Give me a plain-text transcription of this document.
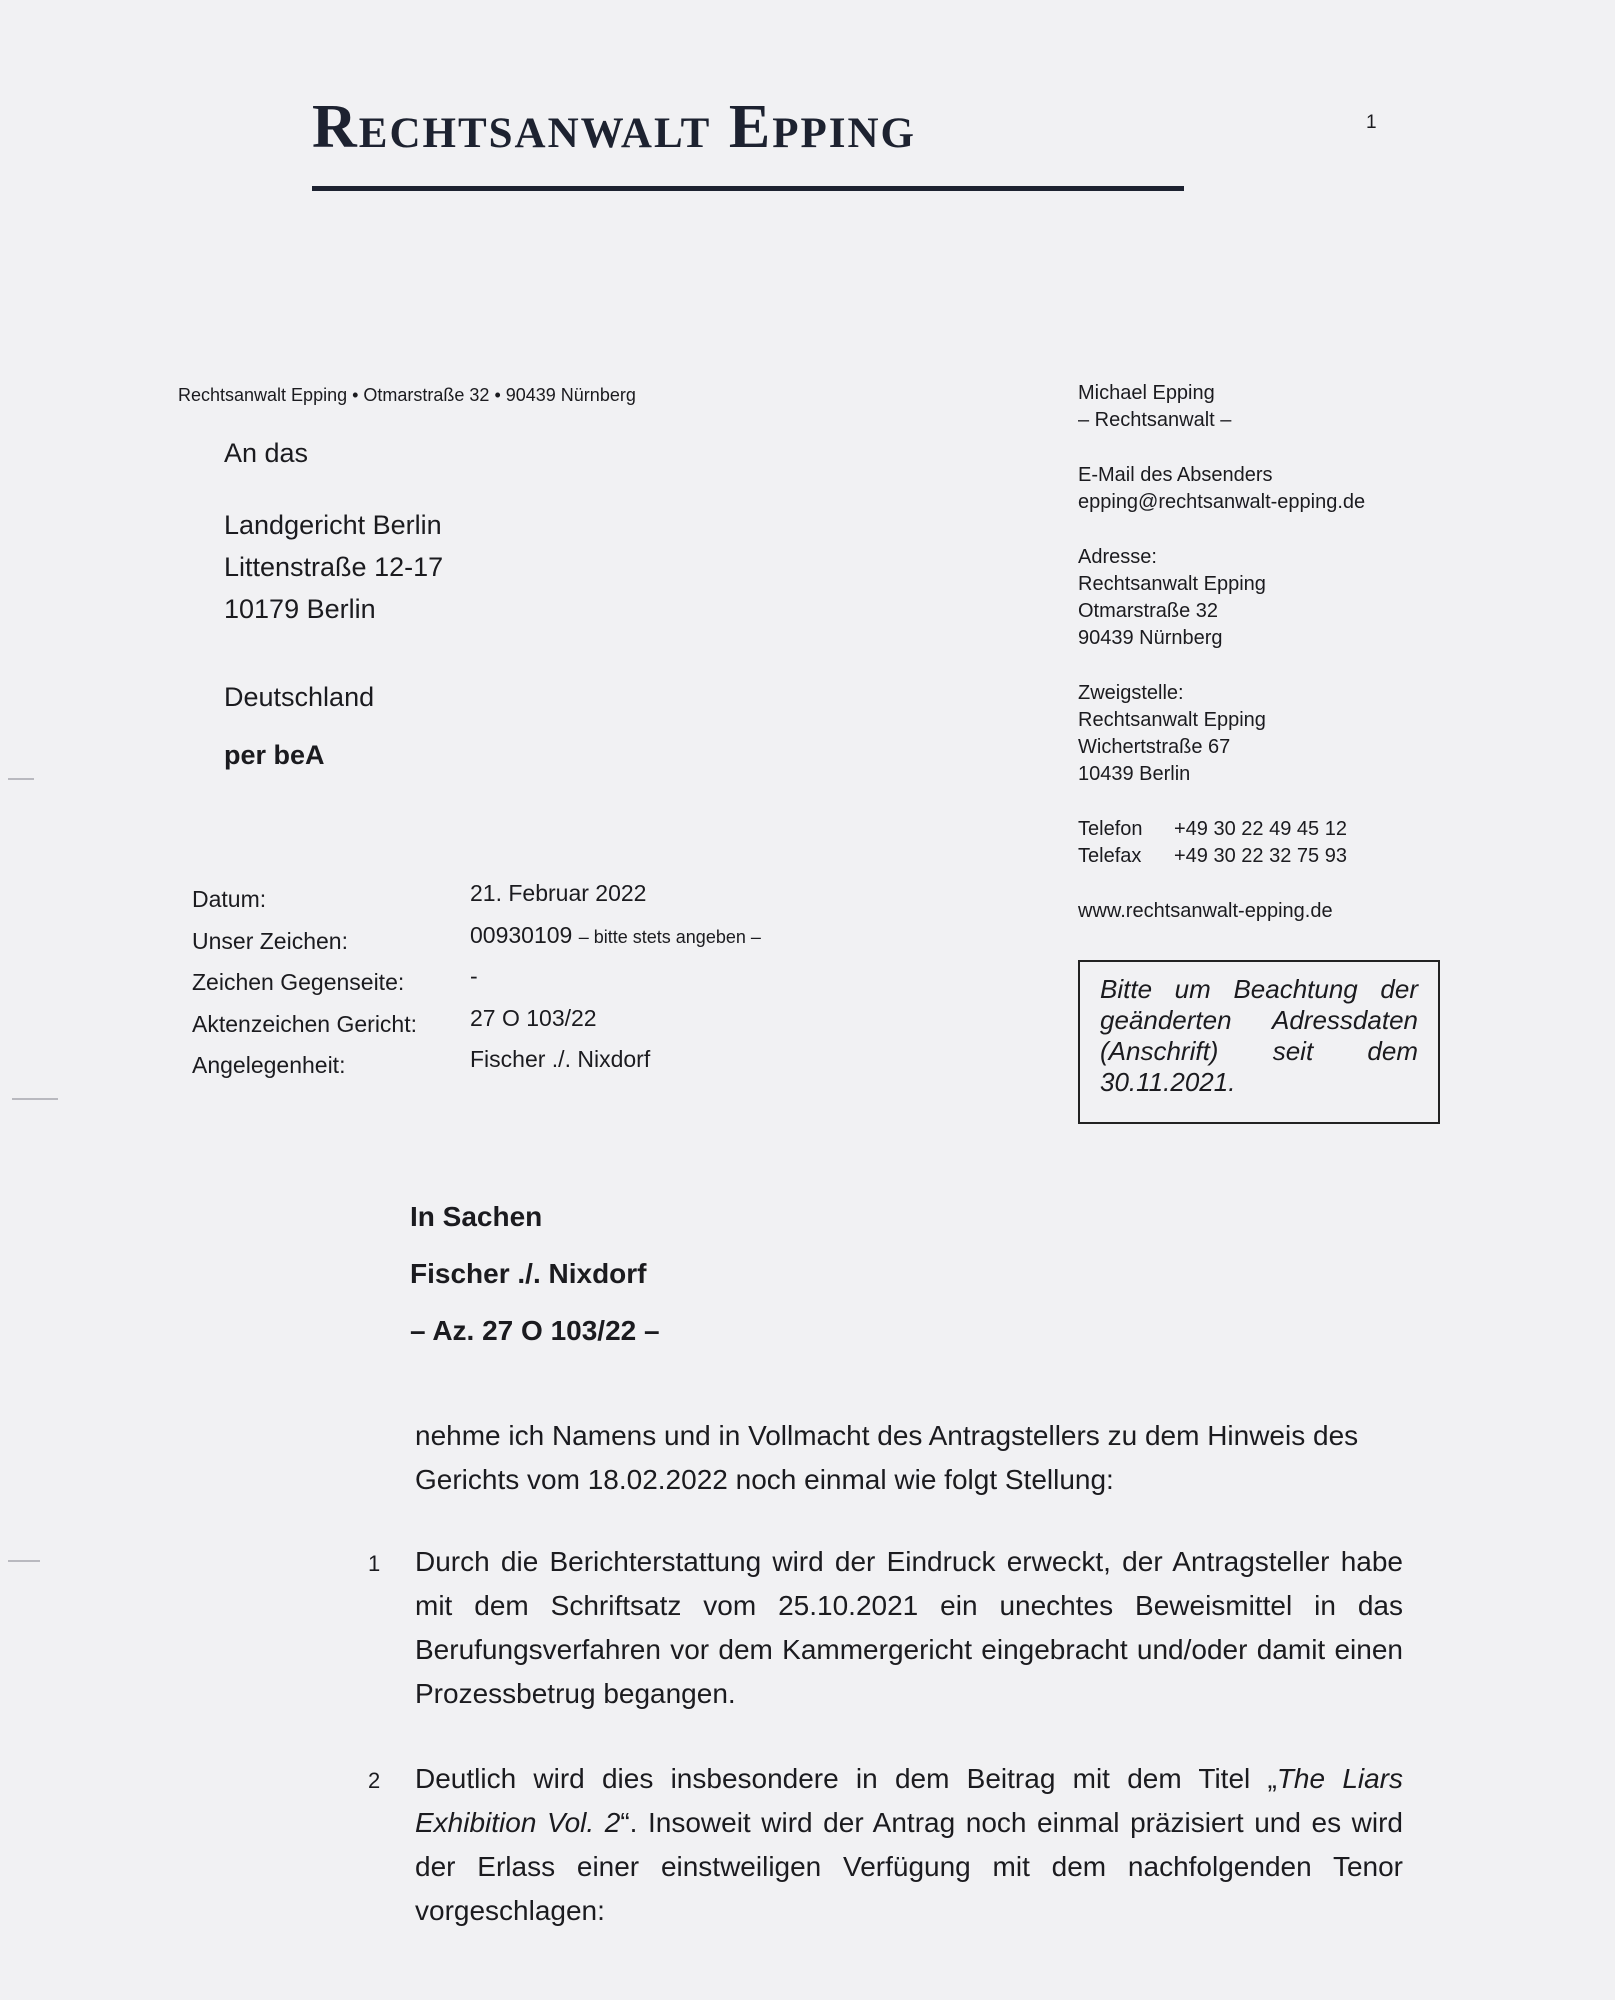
Rechtsanwalt Epping	1
Rechtsanwalt Epping • Otmarstraße 32 • 90439 Nürnberg
An das
Landgericht Berlin
Littenstraße 12-17
10179 Berlin
Deutschland
per beA
Datum:	21. Februar 2022
Unser Zeichen:	00930109 – bitte stets angeben –
Zeichen Gegenseite:	-
Aktenzeichen Gericht: 27 O 103/22
Angelegenheit:	Fischer ./. Nixdorf
Michael Epping
– Rechtsanwalt –
E-Mail des Absenders
epping@rechtsanwalt-epping.de
Adresse:
Rechtsanwalt Epping
Otmarstraße 32
90439 Nürnberg
Zweigstelle:
Rechtsanwalt Epping
Wichertstraße 67
10439 Berlin
Telefon	+49 30 22 49 45 12
Telefax	+49 30 22 32 75 93
www.rechtsanwalt-epping.de
Bitte um Beachtung der geänderten Adressdaten (Anschrift) seit dem 30.11.2021.
In Sachen
Fischer ./. Nixdorf
– Az. 27 O 103/22 –
nehme ich Namens und in Vollmacht des Antragstellers zu dem Hinweis des Gerichts vom 18.02.2022 noch einmal wie folgt Stellung:
1 Durch die Berichterstattung wird der Eindruck erweckt, der Antragsteller habe mit dem Schriftsatz vom 25.10.2021 ein unechtes Beweismittel in das Berufungsverfahren vor dem Kammergericht eingebracht und/oder damit einen Prozessbetrug begangen.
2 Deutlich wird dies insbesondere in dem Beitrag mit dem Titel „The Liars Exhibition Vol. 2“. Insoweit wird der Antrag noch einmal präzisiert und es wird der Erlass einer einstweiligen Verfügung mit dem nachfolgenden Tenor vorgeschlagen:
